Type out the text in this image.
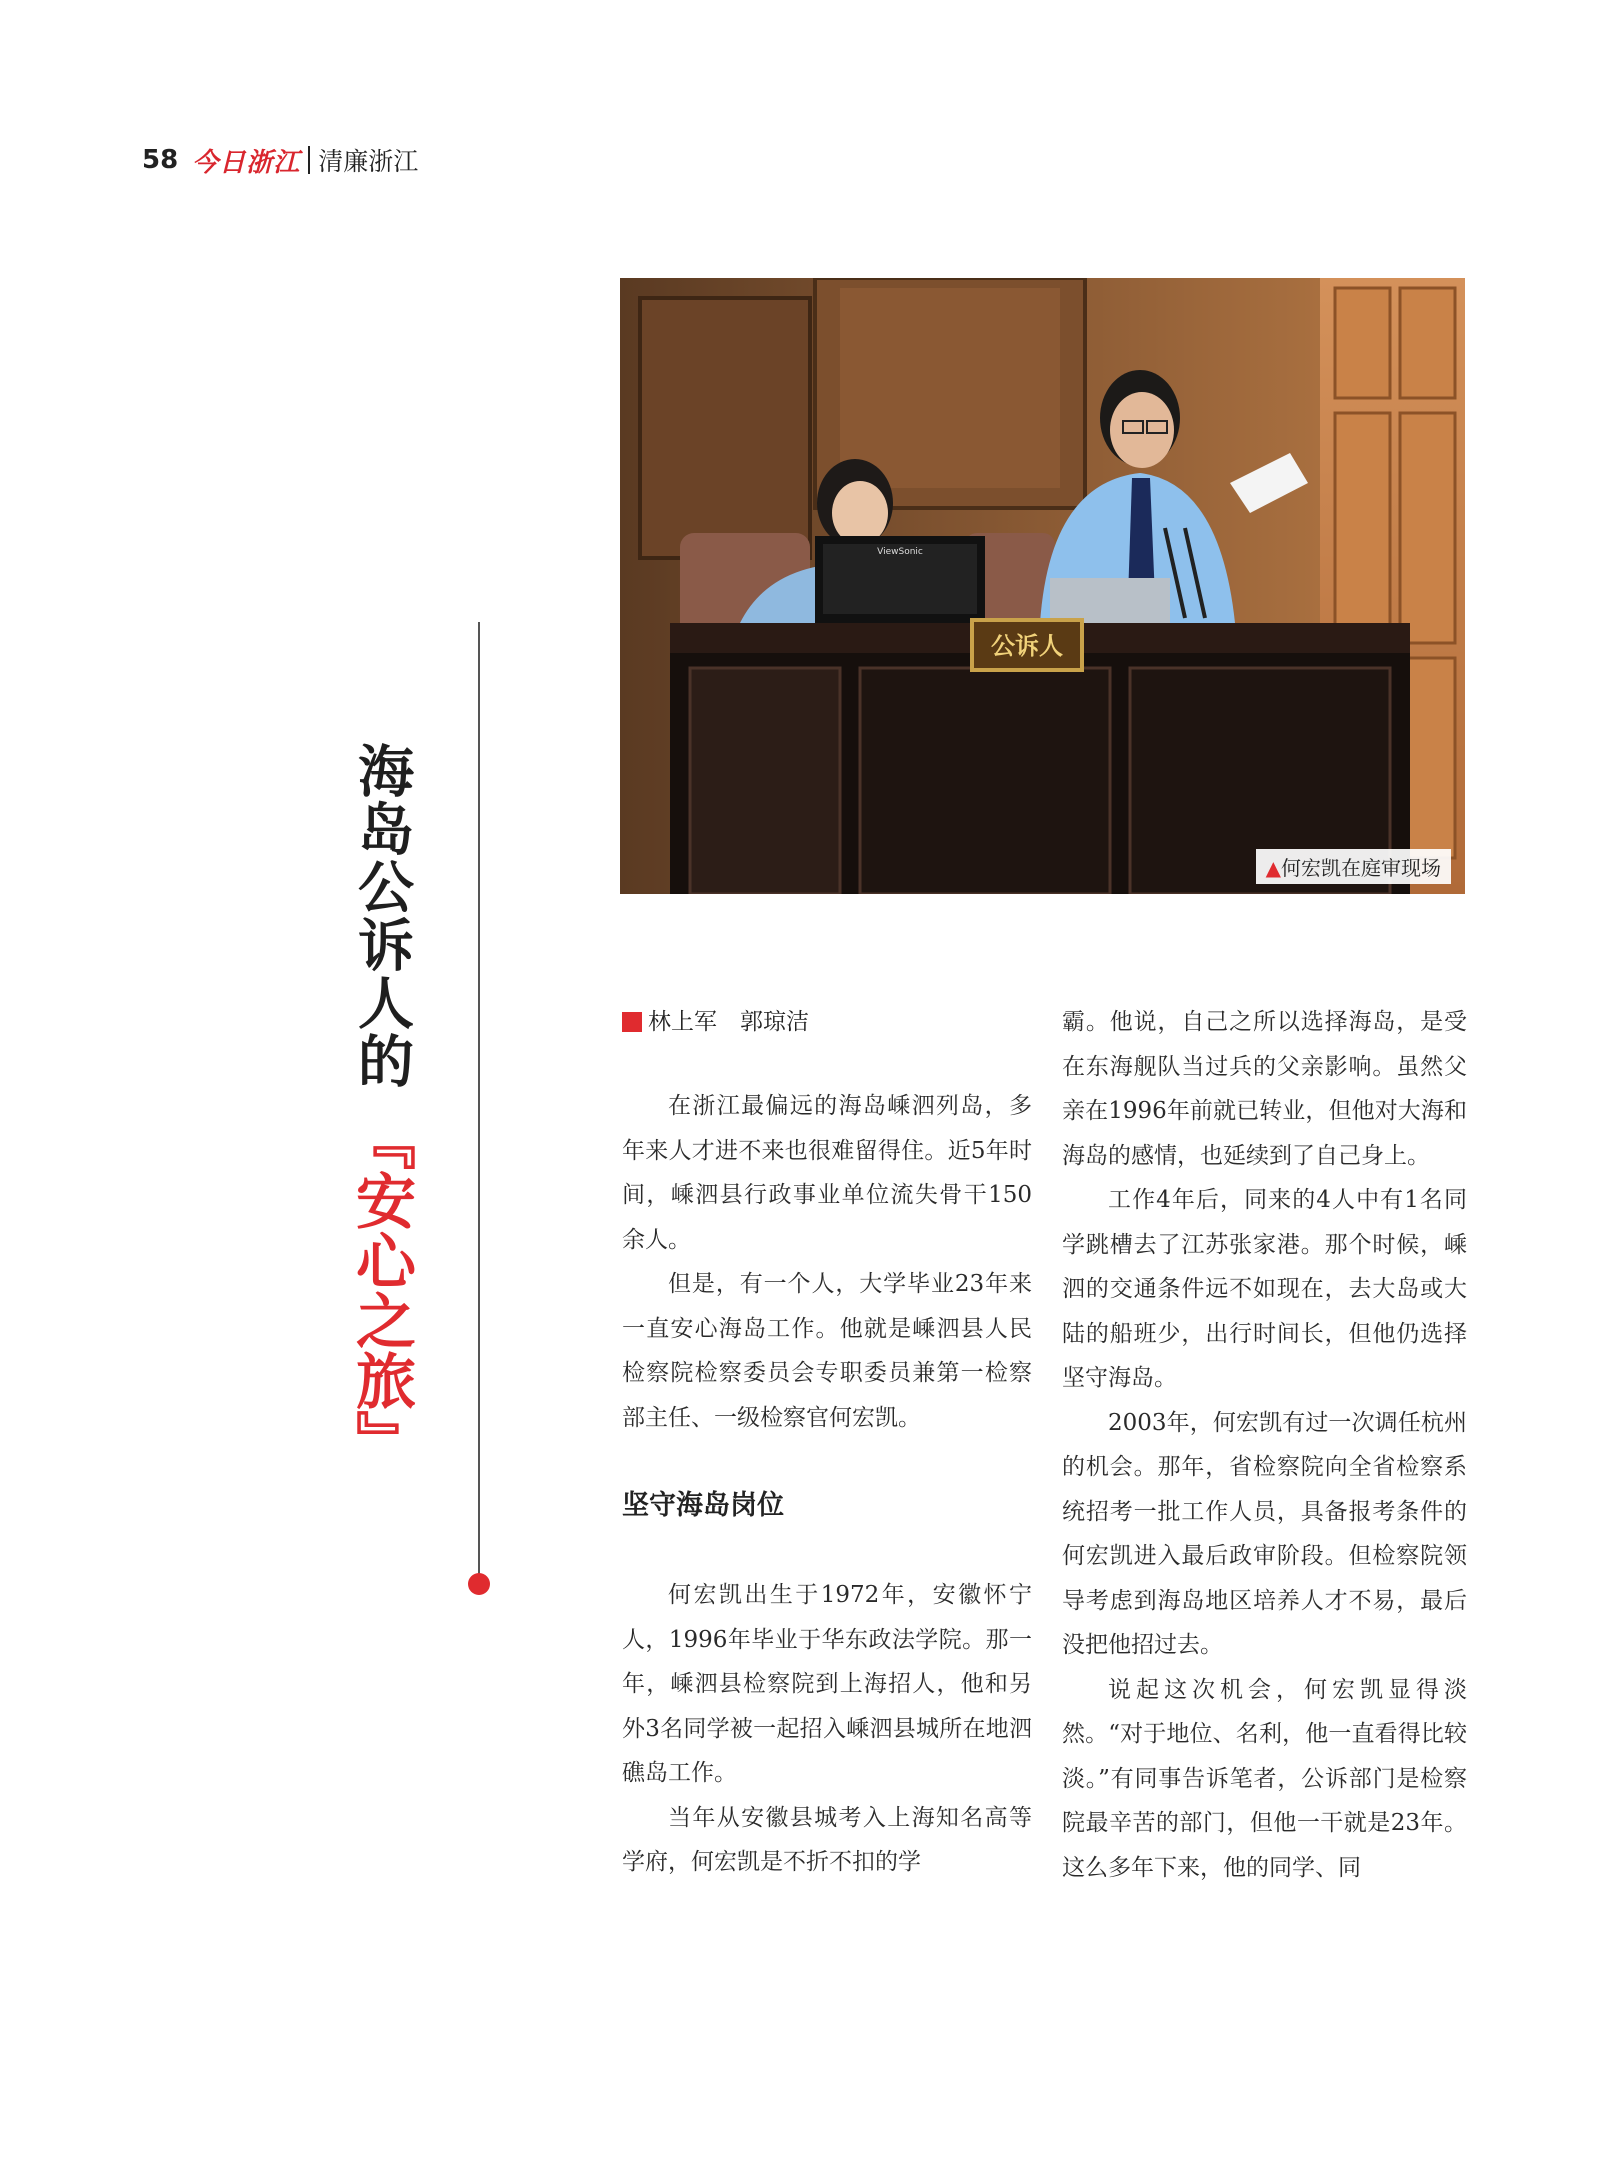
58 今日浙江 清廉浙江
海岛公诉人的
『安心之旅』
ViewSonic
公诉人
▲何宏凯在庭审现场
林上军　郭琼洁

在浙江最偏远的海岛嵊泗列岛，多年来人才进不来也很难留得住。近5年时间，嵊泗县行政事业单位流失骨干150余人。

但是，有一个人，大学毕业23年来一直安心海岛工作。他就是嵊泗县人民检察院检察委员会专职委员兼第一检察部主任、一级检察官何宏凯。

坚守海岛岗位

何宏凯出生于1972年，安徽怀宁人，1996年毕业于华东政法学院。那一年，嵊泗县检察院到上海招人，他和另外3名同学被一起招入嵊泗县城所在地泗礁岛工作。

当年从安徽县城考入上海知名高等学府，何宏凯是不折不扣的学

霸。他说，自己之所以选择海岛，是受在东海舰队当过兵的父亲影响。虽然父亲在1996年前就已转业，但他对大海和海岛的感情，也延续到了自己身上。

工作4年后，同来的4人中有1名同学跳槽去了江苏张家港。那个时候，嵊泗的交通条件远不如现在，去大岛或大陆的船班少，出行时间长，但他仍选择坚守海岛。

2003年，何宏凯有过一次调任杭州的机会。那年，省检察院向全省检察系统招考一批工作人员，具备报考条件的何宏凯进入最后政审阶段。但检察院领导考虑到海岛地区培养人才不易，最后没把他招过去。

说起这次机会，何宏凯显得淡然。“对于地位、名利，他一直看得比较淡。”有同事告诉笔者，公诉部门是检察院最辛苦的部门，但他一干就是23年。这么多年下来，他的同学、同
